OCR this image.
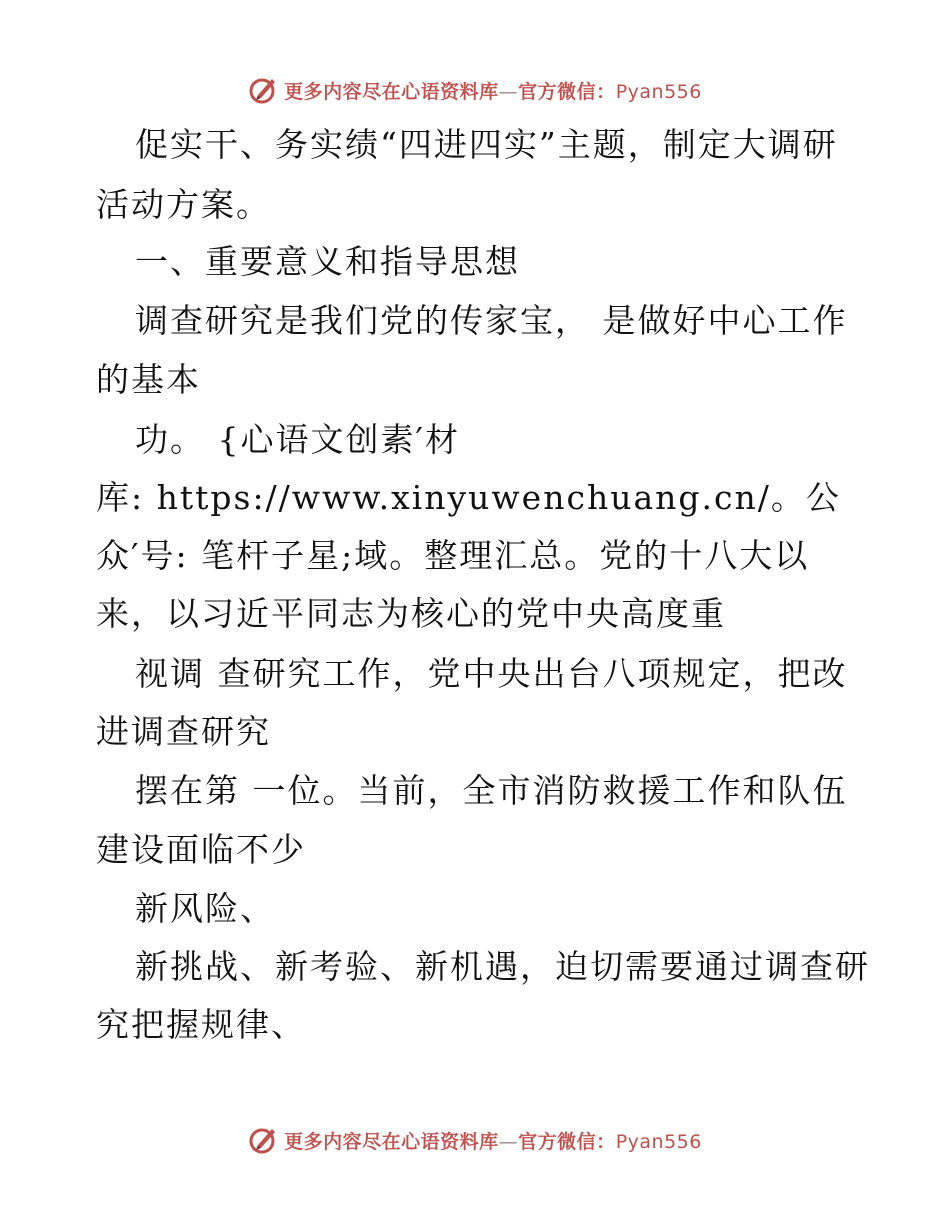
更多内容尽在心语资料库—官方微信：Pyan556
促实干、务实绩“四进四实”主题，制定大调研
活动方案。
一、重要意义和指导思想
调查研究是我们党的传家宝， 是做好中心工作
的基本
功。 {心语文创素′材
库: https://www.xinyuwenchuang.cn/。公
众′号: 笔杆子星;域。整理汇总。党的十八大以
来，以习近平同志为核心的党中央高度重
视调 查研究工作，党中央出台八项规定，把改
进调查研究
摆在第 一位。当前，全市消防救援工作和队伍
建设面临不少
新风险、
新挑战、新考验、新机遇，迫切需要通过调查研
究把握规律、
更多内容尽在心语资料库—官方微信：Pyan556
